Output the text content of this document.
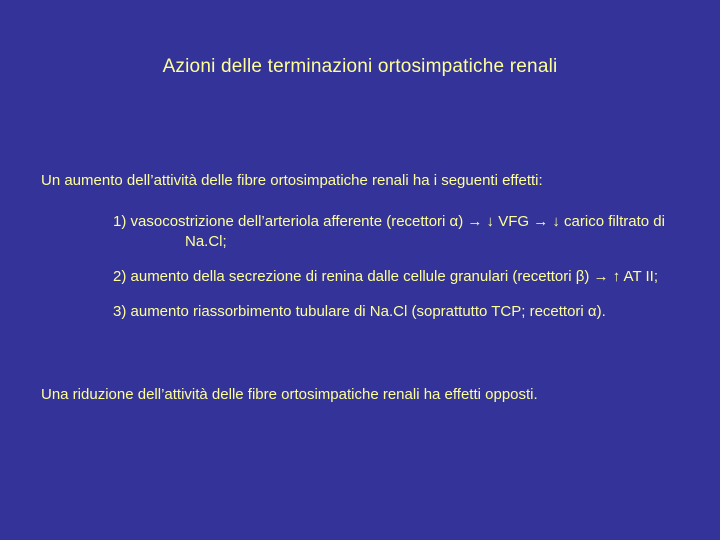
Azioni delle terminazioni ortosimpatiche renali
Un aumento dell’attività delle fibre ortosimpatiche renali ha i seguenti effetti:
1) vasocostrizione dell’arteriola afferente (recettori α) → ↓ VFG → ↓ carico filtrato di Na.Cl;
2) aumento della secrezione di renina dalle cellule granulari (recettori β) → ↑ AT II;
3) aumento riassorbimento tubulare di Na.Cl (soprattutto TCP; recettori α).
Una riduzione dell’attività delle fibre ortosimpatiche renali ha effetti opposti.
